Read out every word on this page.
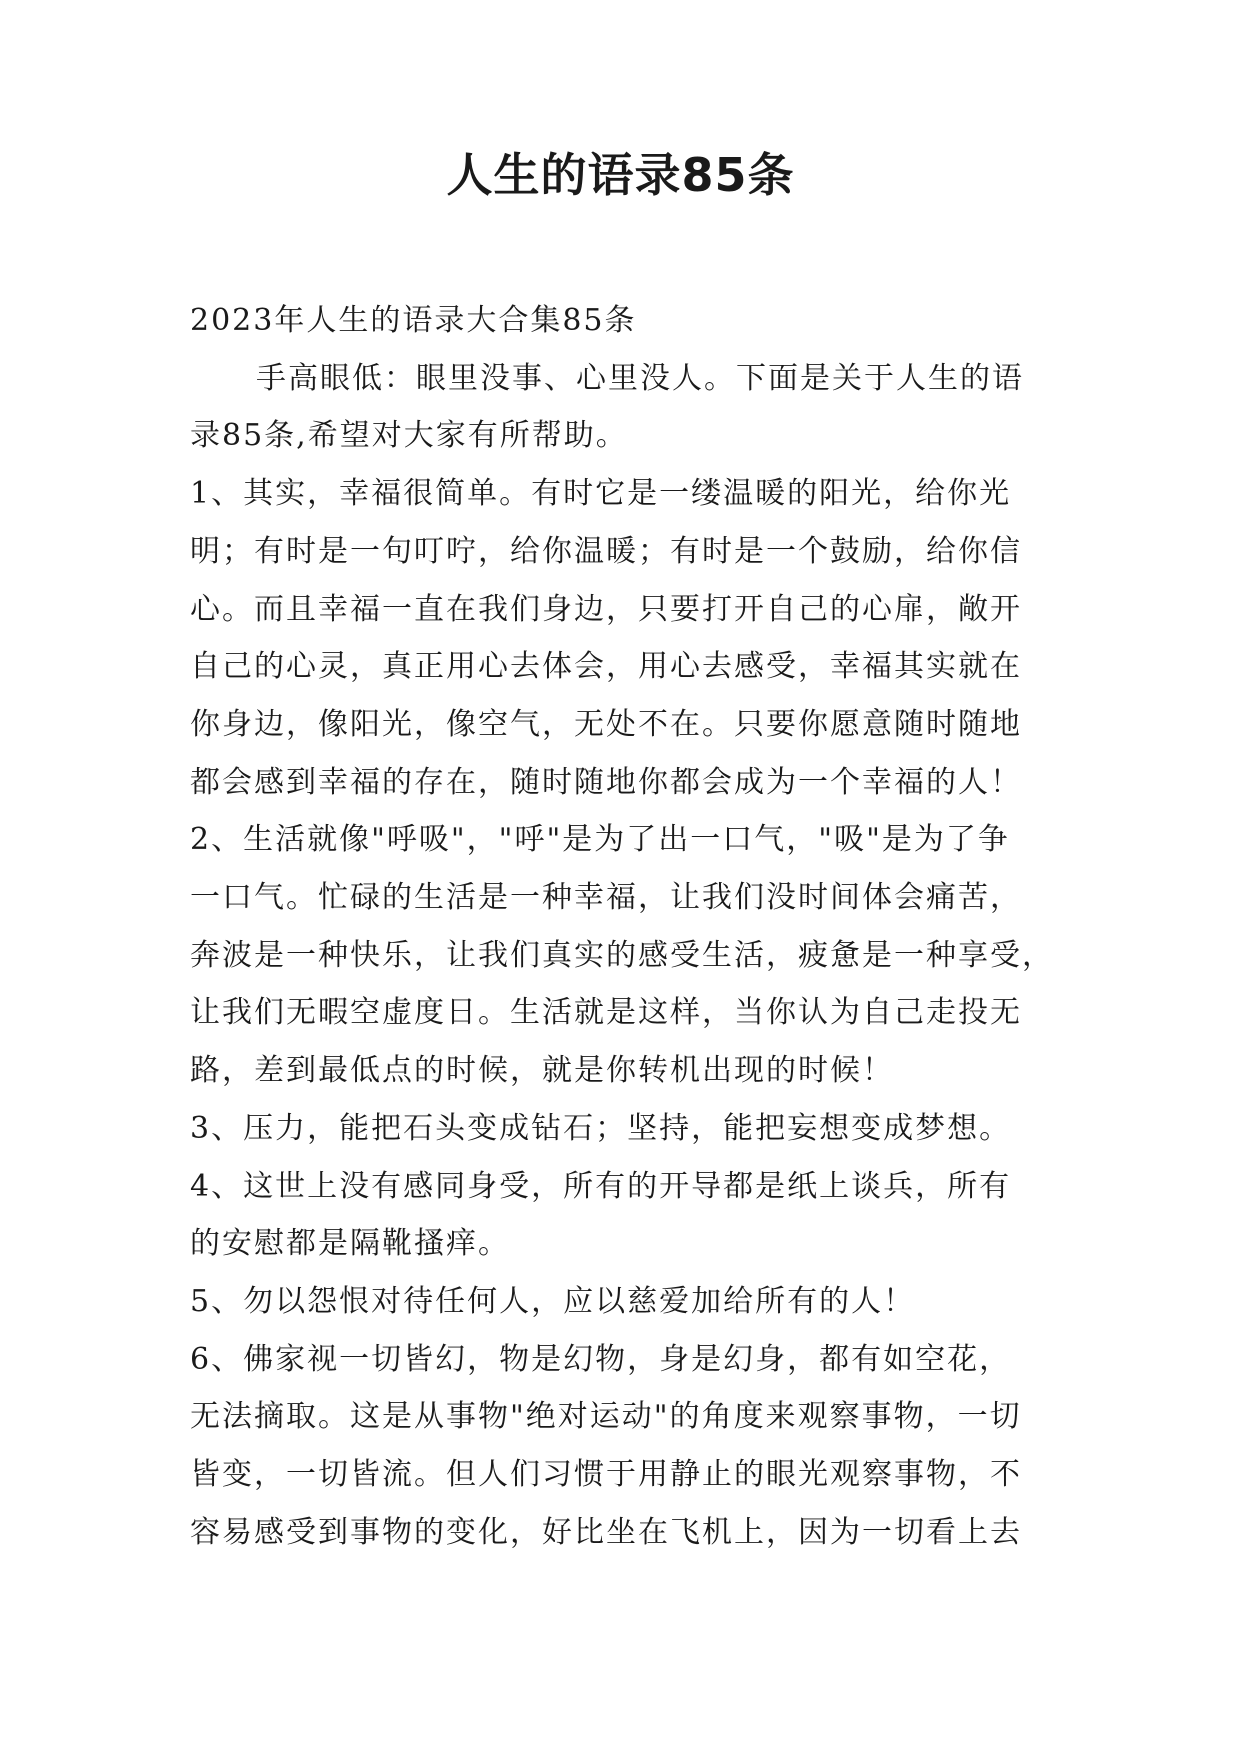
人生的语录85条

2023年人生的语录大合集85条

手高眼低：眼里没事、心里没人。下面是关于人生的语

录85条,希望对大家有所帮助。

1、其实，幸福很简单。有时它是一缕温暖的阳光，给你光

明；有时是一句叮咛，给你温暖；有时是一个鼓励，给你信

心。而且幸福一直在我们身边，只要打开自己的心扉，敞开

自己的心灵，真正用心去体会，用心去感受，幸福其实就在

你身边，像阳光，像空气，无处不在。只要你愿意随时随地

都会感到幸福的存在，随时随地你都会成为一个幸福的人！

2、生活就像"呼吸"，"呼"是为了出一口气，"吸"是为了争

一口气。忙碌的生活是一种幸福，让我们没时间体会痛苦，

奔波是一种快乐，让我们真实的感受生活，疲惫是一种享受，

让我们无暇空虚度日。生活就是这样，当你认为自己走投无

路，差到最低点的时候，就是你转机出现的时候！

3、压力，能把石头变成钻石；坚持，能把妄想变成梦想。

4、这世上没有感同身受，所有的开导都是纸上谈兵，所有

的安慰都是隔靴搔痒。

5、勿以怨恨对待任何人，应以慈爱加给所有的人！

6、佛家视一切皆幻，物是幻物，身是幻身，都有如空花，

无法摘取。这是从事物"绝对运动"的角度来观察事物，一切

皆变，一切皆流。但人们习惯于用静止的眼光观察事物，不

容易感受到事物的变化，好比坐在飞机上，因为一切看上去
